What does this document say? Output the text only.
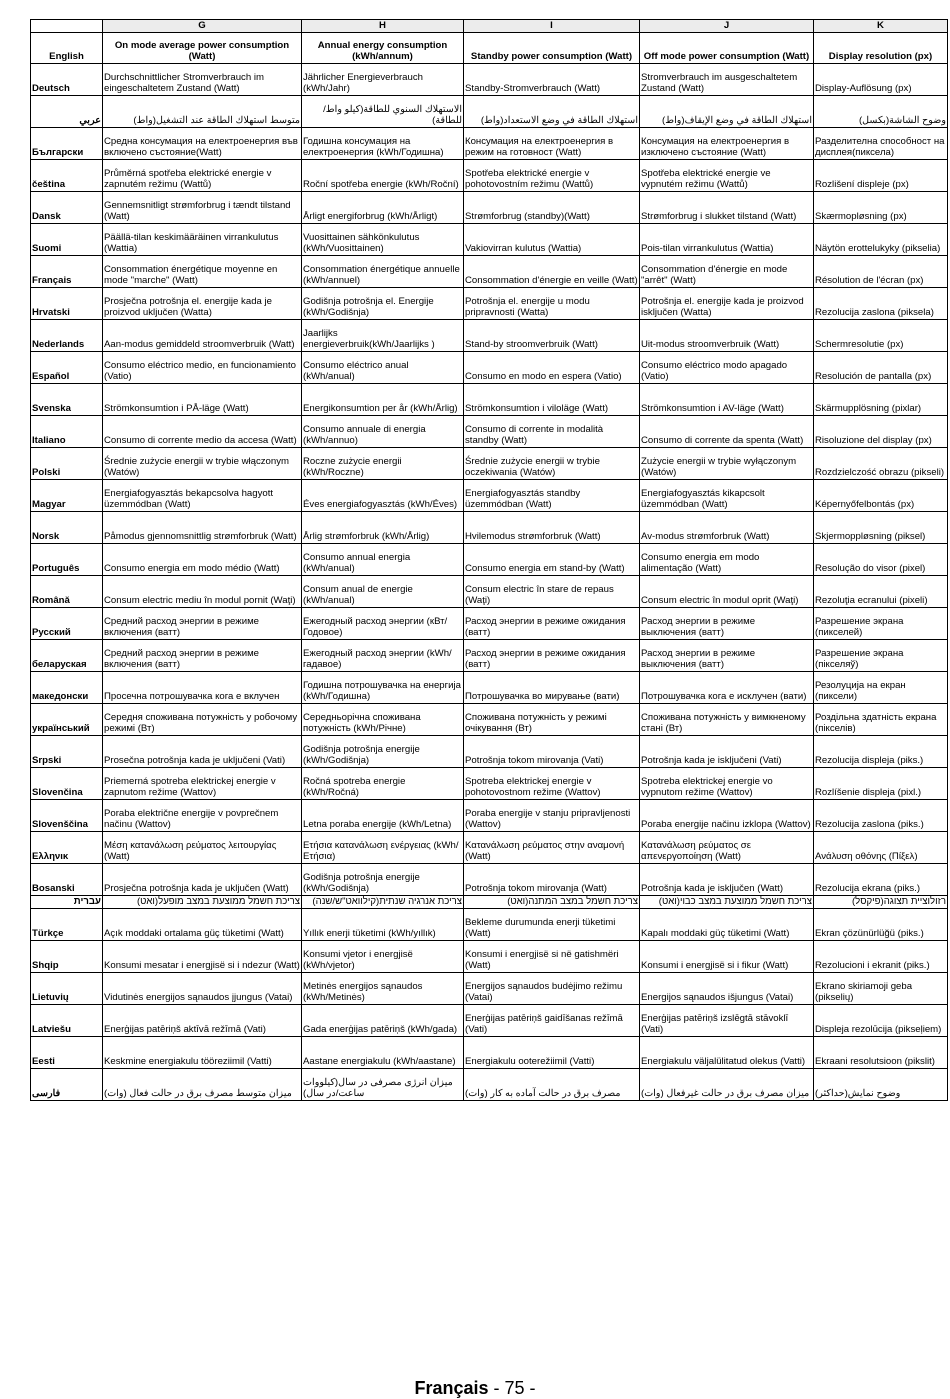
	G	H	I	J	K
English	On mode average power consumption (Watt)	Annual energy consumption (kWh/annum)	Standby power consumption (Watt)	Off mode power consumption (Watt)	Display resolution (px)
Deutsch	Durchschnittlicher Stromverbrauch im eingeschaltetem Zustand (Watt)	Jährlicher Energieverbrauch (kWh/Jahr)	Standby-Stromverbrauch (Watt)	Stromverbrauch im ausgeschaltetem Zustand (Watt)	Display-Auflösung (px)
عربي	متوسط استهلاك الطاقة عند التشغيل(واط)	الاستهلاك السنوي للطاقة(كيلو واط/للطاقة)	استهلاك الطاقة في وضع الاستعداد(واط)	استهلاك الطاقة في وضع الإيقاف(واط)	وضوح الشاشة(بكسل)
Български	Средна консумация на електроенергия във включено състояние(Watt)	Годишна консумация на електроенергия (kWh/Годишна)	Консумация на електроенергия в режим на готовност (Watt)	Консумация на електроенергия в изключено състояние (Watt)	Разделителна способност на дисплея(пиксела)
čeština	Průměrná spotřeba elektrické energie v zapnutém režimu (Wattů)	Roční spotřeba energie (kWh/Roční)	Spotřeba elektrické energie v pohotovostním režimu (Wattů)	Spotřeba elektrické energie ve vypnutém režimu (Wattů)	Rozlišení displeje (px)
Dansk	Gennemsnitligt strømforbrug i tændt tilstand (Watt)	Årligt energiforbrug (kWh/Årligt)	Strømforbrug (standby)(Watt)	Strømforbrug i slukket tilstand (Watt)	Skærmopløsning (px)
Suomi	Päällä-tilan keskimääräinen virrankulutus (Wattia)	Vuosittainen sähkönkulutus (kWh/Vuosittainen)	Vakiovirran kulutus (Wattia)	Pois-tilan virrankulutus (Wattia)	Näytön erottelukyky (pikselia)
Français	Consommation énergétique moyenne en mode "marche" (Watt)	Consommation énergétique annuelle (kWh/annuel)	Consommation d'énergie en veille (Watt)	Consommation d'énergie en mode "arrêt" (Watt)	Résolution de l'écran (px)
Hrvatski	Prosječna potrošnja el. energije kada je proizvod uključen (Watta)	Godišnja potrošnja el. Energije (kWh/Godišnja)	Potrošnja el. energije u modu pripravnosti (Watta)	Potrošnja el. energije kada je proizvod isključen (Watta)	Rezolucija zaslona (piksela)
Nederlands	Aan-modus gemiddeld stroomverbruik (Watt)	Jaarlijks energieverbruik(kWh/Jaarlijks )	Stand-by stroomverbruik (Watt)	Uit-modus stroomverbruik (Watt)	Schermresolutie (px)
Español	Consumo eléctrico medio, en funcionamiento (Vatio)	Consumo eléctrico anual (kWh/anual)	Consumo en modo en espera (Vatio)	Consumo eléctrico modo apagado (Vatio)	Resolución de pantalla (px)
Svenska	Strömkonsumtion i PÅ-läge (Watt)	Energikonsumtion per år (kWh/Årlig)	Strömkonsumtion i viloläge (Watt)	Strömkonsumtion i AV-läge (Watt)	Skärmupplösning (pixlar)
Italiano	Consumo di corrente medio da accesa (Watt)	Consumo annuale di energia (kWh/annuo)	Consumo di corrente in modalità standby (Watt)	Consumo di corrente da spenta (Watt)	Risoluzione del display (px)
Polski	Średnie zużycie energii w trybie włączonym (Watów)	Roczne zużycie energii (kWh/Roczne)	Średnie zużycie energii w trybie oczekiwania (Watów)	Zużycie energii w trybie wyłączonym (Watów)	Rozdzielczość obrazu (pikseli)
Magyar	Energiafogyasztás bekapcsolva hagyott üzemmódban (Watt)	Éves energiafogyasztás (kWh/Éves)	Energiafogyasztás standby üzemmódban (Watt)	Energiafogyasztás kikapcsolt üzemmódban (Watt)	Képernyőfelbontás (px)
Norsk	Påmodus gjennomsnittlig strømforbruk (Watt)	Årlig strømforbruk (kWh/Årlig)	Hvilemodus strømforbruk (Watt)	Av-modus strømforbruk (Watt)	Skjermoppløsning (piksel)
Português	Consumo energia em modo médio (Watt)	Consumo annual energia (kWh/anual)	Consumo energia em stand-by (Watt)	Consumo energia em modo alimentação (Watt)	Resolução do visor (pixel)
Română	Consum electric mediu în modul pornit (Waţi)	Consum anual de energie (kWh/anual)	Consum electric în stare de repaus (Waţi)	Consum electric în modul oprit (Waţi)	Rezoluţia ecranului (pixeli)
Русский	Средний расход энергии в режиме включения (ватт)	Ежегодный расход энергии (кВт/Годовое)	Расход энергии в режиме ожидания (ватт)	Расход энергии в режиме выключения (ватт)	Разрешение экрана (пикселей)
беларуская	Средний расход энергии в режиме включения (ватт)	Ежегодный расход энергии (kWh/гадавое)	Расход энергии в режиме ожидания (ватт)	Расход энергии в режиме выключения (ватт)	Разрешение экрана (пікселяў)
македонски	Просечна потрошувачка кога е вклучен	Годишна потрошувачка на енергија (kWh/Годишна)	Потрошувачка во мирување (вати)	Потрошувачка кога е исклучен (вати)	Резолуција на екран (пиксели)
український	Середня споживана потужність у робочому режимі (Вт)	Середньорічна споживана потужність (kWh/Річне)	Споживана потужність у режимі очікування (Вт)	Споживана потужність у вимкненому стані (Вт)	Роздільна здатність екрана (пікселів)
Srpski	Prosečna potrošnja kada je uključeni (Vati)	Godišnja potrošnja energije (kWh/Godišnja)	Potrošnja tokom mirovanja (Vati)	Potrošnja kada je isključeni (Vati)	Rezolucija displeja (piks.)
Slovenčina	Priemerná spotreba elektrickej energie v zapnutom režime (Wattov)	Ročná spotreba energie (kWh/Ročná)	Spotreba elektrickej energie v pohotovostnom režime (Wattov)	Spotreba elektrickej energie vo vypnutom režime (Wattov)	Rozlíšenie displeja (pixl.)
Slovenščina	Poraba električne energije v povprečnem načinu (Wattov)	Letna poraba energije (kWh/Letna)	Poraba energije v stanju pripravljenosti (Wattov)	Poraba energije načinu izklopa (Wattov)	Rezolucija zaslona (piks.)
Ελληνικ	Μέση κατανάλωση ρεύματος λειτουργίας (Watt)	Ετήσια κατανάλωση ενέργειας (kWh/Ετήσια)	Κατανάλωση ρεύματος στην αναμονή (Watt)	Κατανάλωση ρεύματος σε απενεργοποίηση (Watt)	Ανάλυση οθόνης (Πίξελ)
Bosanski	Prosječna potrošnja kada je uključen (Watt)	Godišnja potrošnja energije (kWh/Godišnja)	Potrošnja tokom mirovanja (Watt)	Potrošnja kada je isključen (Watt)	Rezolucija ekrana (piks.)
עברית	צריכת חשמל ממוצעת במצב מופעל(ואט)	צריכת אנרגיה שנתית(קילוואט"ש/שנה)	צריכת חשמל במצב המתנה(ואט)	צריכת חשמל ממוצעת במצב כבוי(ואט)	רזולוציית תצוגה(פיקסל)
Türkçe	Açık moddaki ortalama güç tüketimi (Watt)	Yıllık enerji tüketimi (kWh/yıllık)	Bekleme durumunda enerji tüketimi (Watt)	Kapalı moddaki güç tüketimi (Watt)	Ekran çözünürlüğü (piks.)
Shqip	Konsumi mesatar i energjisë si i ndezur (Watt)	Konsumi vjetor i energjisë (kWh/vjetor)	Konsumi i energjisë si në gatishmëri (Watt)	Konsumi i energjisë si i fikur (Watt)	Rezolucioni i ekranit (piks.)
Lietuvių	Vidutinės energijos sąnaudos įjungus (Vatai)	Metinės energijos sąnaudos (kWh/Metinės)	Energijos sąnaudos budėjimo režimu (Vatai)	Energijos sąnaudos išjungus (Vatai)	Ekrano skiriamoji geba (pikselių)
Latviešu	Enerģijas patēriņš aktīvā režīmā (Vati)	Gada enerģijas patēriņš (kWh/gada)	Enerģijas patēriņš gaidīšanas režīmā (Vati)	Enerģijas patēriņš izslēgtā stāvoklī (Vati)	Displeja rezolūcija (pikseļiem)
Eesti	Keskmine energiakulu tööreziimil (Vatti)	Aastane energiakulu (kWh/aastane)	Energiakulu ooterežiimil (Vatti)	Energiakulu väljalülitatud olekus (Vatti)	Ekraani resolutsioon (pikslit)
فارسی	میزان متوسط مصرف برق در حالت فعال (وات)	میزان انرژی مصرفی در سال(کیلووات ساعت/در سال)	مصرف برق در حالت آماده به کار (وات)	میزان مصرف برق در حالت غیرفعال (وات)	وضوح نمایش(حداکثر)
Français - 75 -
